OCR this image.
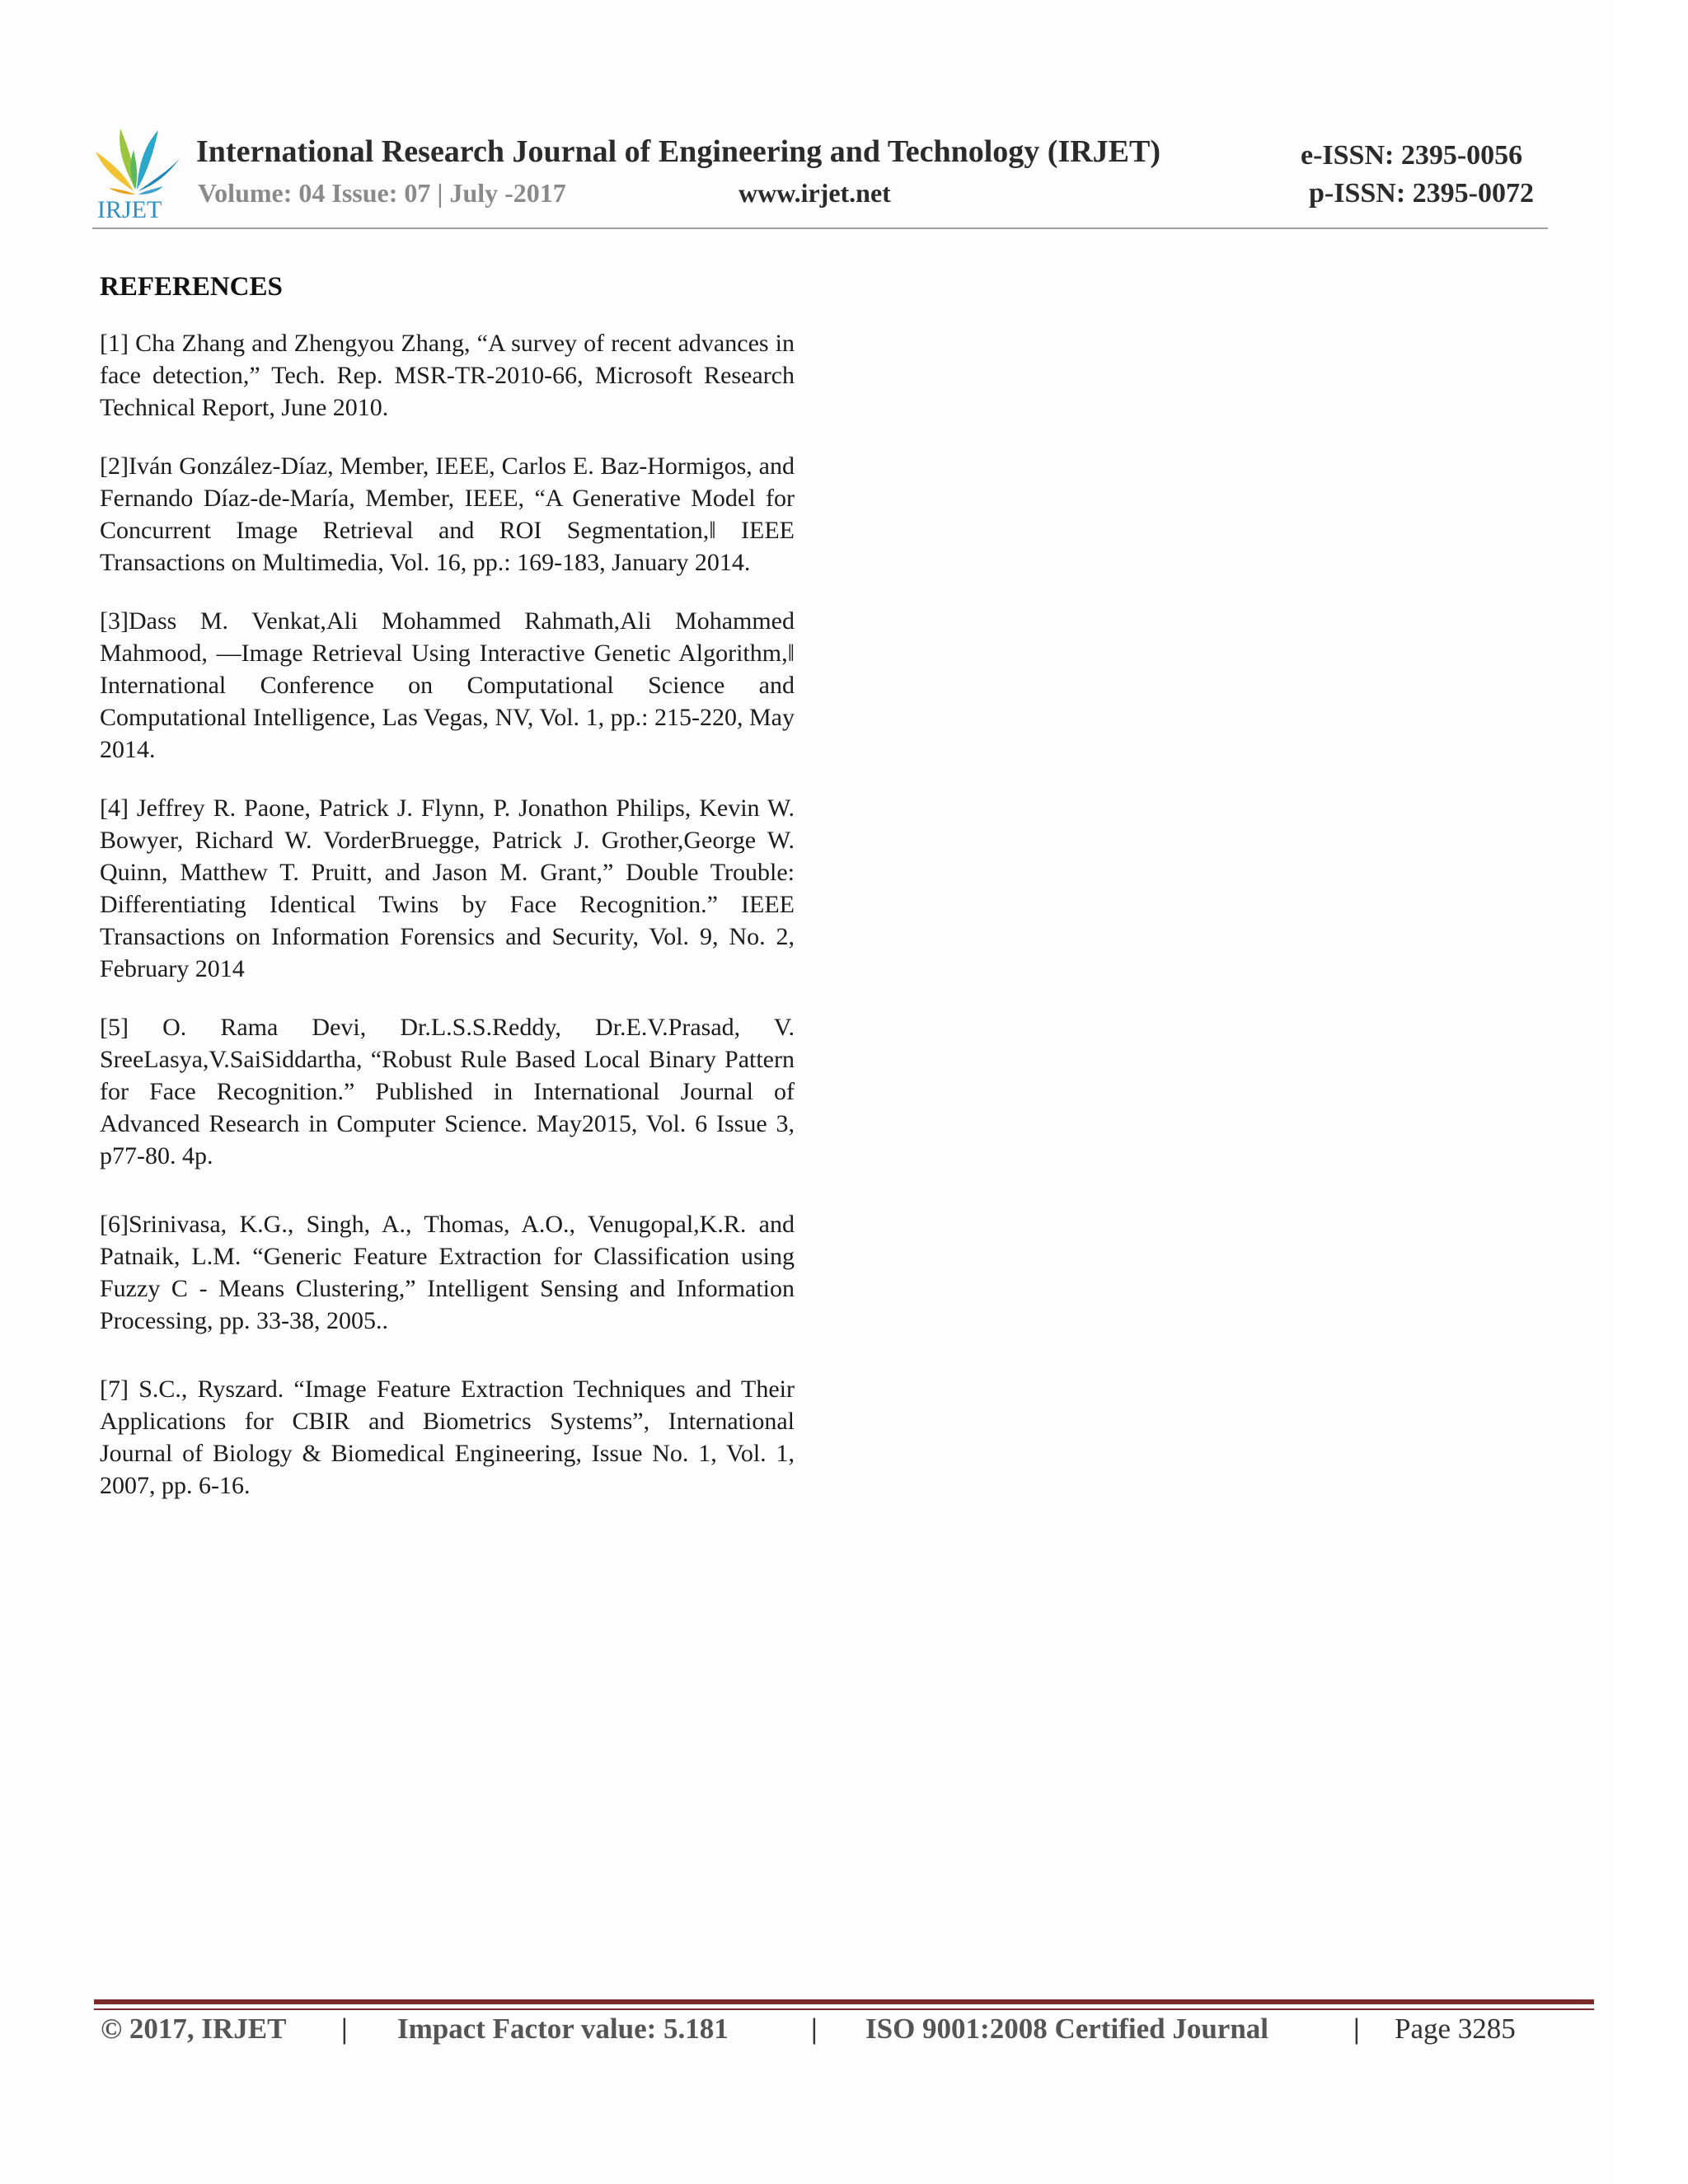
IRJET
International Research Journal of Engineering and Technology (IRJET)	e-ISSN: 2395-0056
Volume: 04 Issue: 07 | July -2017	www.irjet.net	p-ISSN: 2395-0072
REFERENCES
[1] Cha Zhang and Zhengyou Zhang, “A survey of recent advances in face detection,” Tech. Rep. MSR-TR-2010-66, Microsoft Research Technical Report, June 2010.
[2]Iván González-Díaz, Member, IEEE, Carlos E. Baz-Hormigos, and Fernando Díaz-de-María, Member, IEEE, “A Generative Model for Concurrent Image Retrieval and ROI Segmentation,‖ IEEE Transactions on Multimedia, Vol. 16, pp.: 169-183, January 2014.
[3]Dass M. Venkat,Ali Mohammed Rahmath,Ali Mohammed Mahmood, ―Image Retrieval Using Interactive Genetic Algorithm,‖ International Conference on Computational Science and Computational Intelligence, Las Vegas, NV, Vol. 1, pp.: 215-220, May 2014.
[4] Jeffrey R. Paone, Patrick J. Flynn, P. Jonathon Philips, Kevin W. Bowyer, Richard W. VorderBruegge, Patrick J. Grother,George W. Quinn, Matthew T. Pruitt, and Jason M. Grant,” Double Trouble: Differentiating Identical Twins by Face Recognition.” IEEE Transactions on Information Forensics and Security, Vol. 9, No. 2, February 2014
[5] O. Rama Devi, Dr.L.S.S.Reddy, Dr.E.V.Prasad, V. SreeLasya,V.SaiSiddartha, “Robust Rule Based Local Binary Pattern for Face Recognition.” Published in International Journal of Advanced Research in Computer Science. May2015, Vol. 6 Issue 3, p77-80. 4p.
[6]Srinivasa, K.G., Singh, A., Thomas, A.O., Venugopal,K.R. and Patnaik, L.M. “Generic Feature Extraction for Classification using Fuzzy C - Means Clustering,” Intelligent Sensing and Information Processing, pp. 33-38, 2005..
[7] S.C., Ryszard. “Image Feature Extraction Techniques and Their Applications for CBIR and Biometrics Systems”, International Journal of Biology & Biomedical Engineering, Issue No. 1, Vol. 1, 2007, pp. 6-16.
© 2017, IRJET | Impact Factor value: 5.181	| ISO 9001:2008 Certified Journal	| Page 3285
